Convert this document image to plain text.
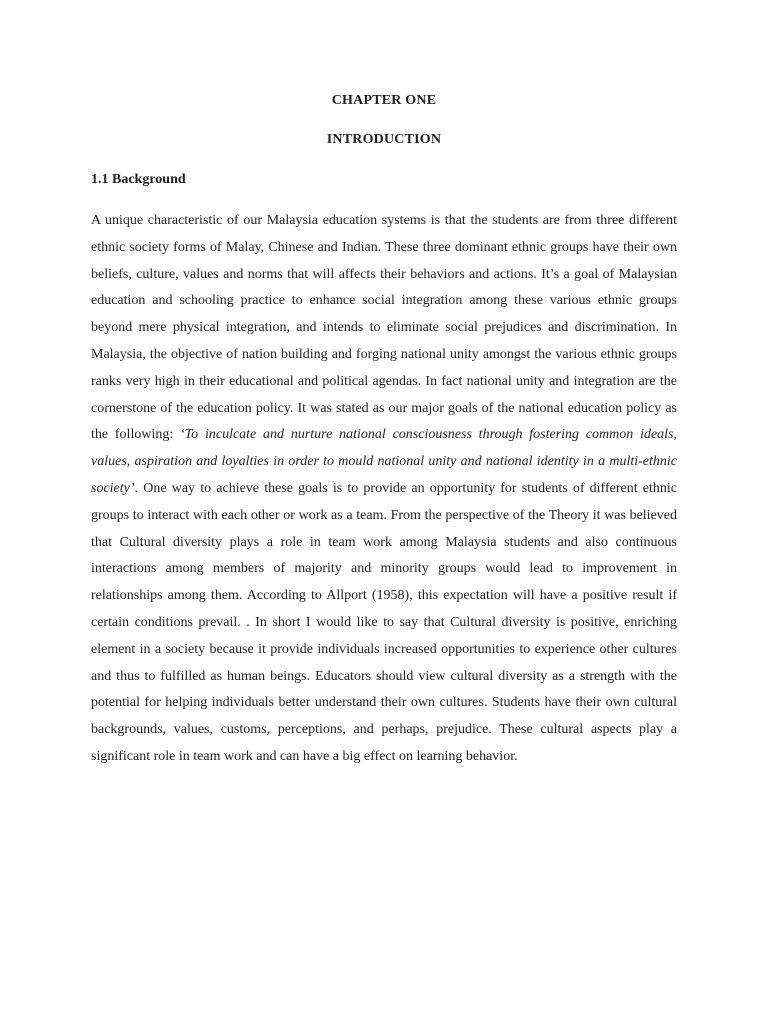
CHAPTER ONE
INTRODUCTION
1.1 Background

A unique characteristic of our Malaysia education systems is that the students are from three different ethnic society forms of Malay, Chinese and Indian. These three dominant ethnic groups have their own beliefs, culture, values and norms that will affects their behaviors and actions. It’s a goal of Malaysian education and schooling practice to enhance social integration among these various ethnic groups beyond mere physical integration, and intends to eliminate social prejudices and discrimination. In Malaysia, the objective of nation building and forging national unity amongst the various ethnic groups ranks very high in their educational and political agendas. In fact national unity and integration are the cornerstone of the education policy. It was stated as our major goals of the national education policy as the following: ‘To inculcate and nurture national consciousness through fostering common ideals, values, aspiration and loyalties in order to mould national unity and national identity in a multi-ethnic society’. One way to achieve these goals is to provide an opportunity for students of different ethnic groups to interact with each other or work as a team. From the perspective of the Theory it was believed that Cultural diversity plays a role in team work among Malaysia students and also continuous interactions among members of majority and minority groups would lead to improvement in relationships among them. According to Allport (1958), this expectation will have a positive result if certain conditions prevail. . In short I would like to say that Cultural diversity is positive, enriching element in a society because it provide individuals increased opportunities to experience other cultures and thus to fulfilled as human beings. Educators should view cultural diversity as a strength with the potential for helping individuals better understand their own cultures. Students have their own cultural backgrounds, values, customs, perceptions, and perhaps, prejudice. These cultural aspects play a significant role in team work and can have a big effect on learning behavior.
